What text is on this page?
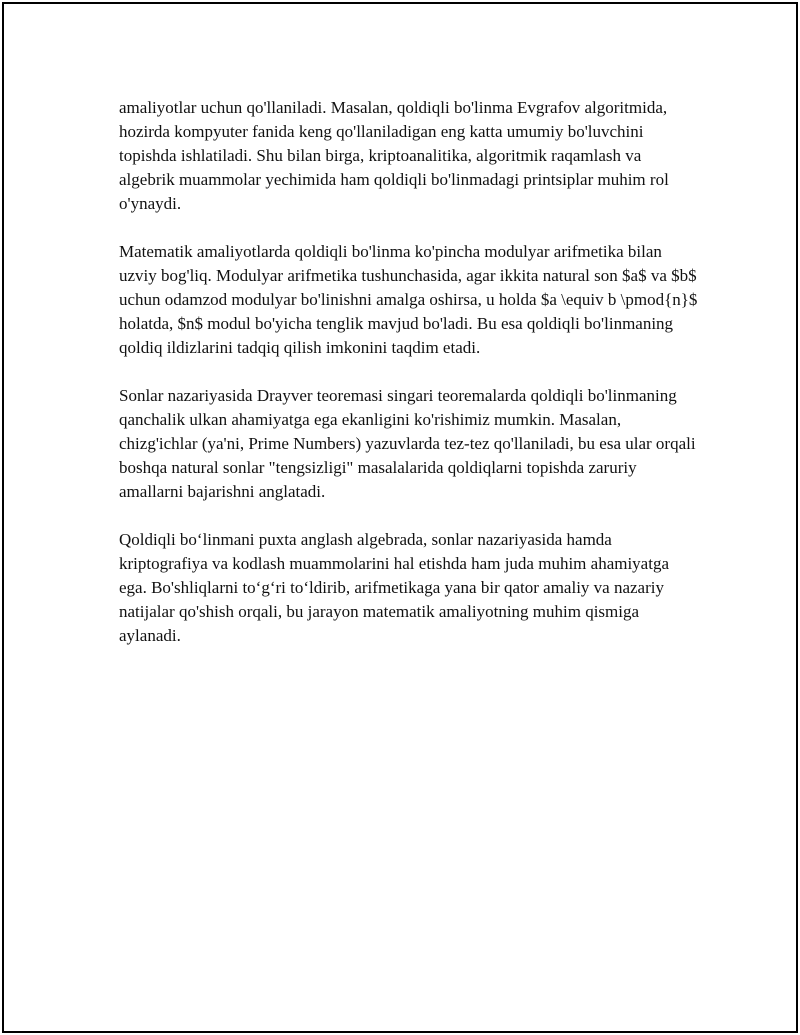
amaliyotlar uchun qo'llaniladi. Masalan, qoldiqli bo'linma Evgrafov algoritmida, hozirda kompyuter fanida keng qo'llaniladigan eng katta umumiy bo'luvchini topishda ishlatiladi. Shu bilan birga, kriptoanalitika, algoritmik raqamlash va algebrik muammolar yechimida ham qoldiqli bo'linmadagi printsiplar muhim rol o'ynaydi.

Matematik amaliyotlarda qoldiqli bo'linma ko'pincha modulyar arifmetika bilan uzviy bog'liq. Modulyar arifmetika tushunchasida, agar ikkita natural son $a$ va $b$ uchun odamzod modulyar bo'linishni amalga oshirsa, u holda $a \equiv b \pmod{n}$ holatda, $n$ modul bo'yicha tenglik mavjud bo'ladi. Bu esa qoldiqli bo'linmaning qoldiq ildizlarini tadqiq qilish imkonini taqdim etadi.

Sonlar nazariyasida Drayver teoremasi singari teoremalarda qoldiqli bo'linmaning qanchalik ulkan ahamiyatga ega ekanligini ko'rishimiz mumkin. Masalan, chizg'ichlar (ya'ni, Prime Numbers) yazuvlarda tez-tez qo'llaniladi, bu esa ular orqali boshqa natural sonlar "tengsizligi" masalalarida qoldiqlarni topishda zaruriy amallarni bajarishni anglatadi.

Qoldiqli bo‘linmani puxta anglash algebrada, sonlar nazariyasida hamda kriptografiya va kodlash muammolarini hal etishda ham juda muhim ahamiyatga ega. Bo'shliqlarni to‘g‘ri to‘ldirib, arifmetikaga yana bir qator amaliy va nazariy natijalar qo'shish orqali, bu jarayon matematik amaliyotning muhim qismiga aylanadi.
